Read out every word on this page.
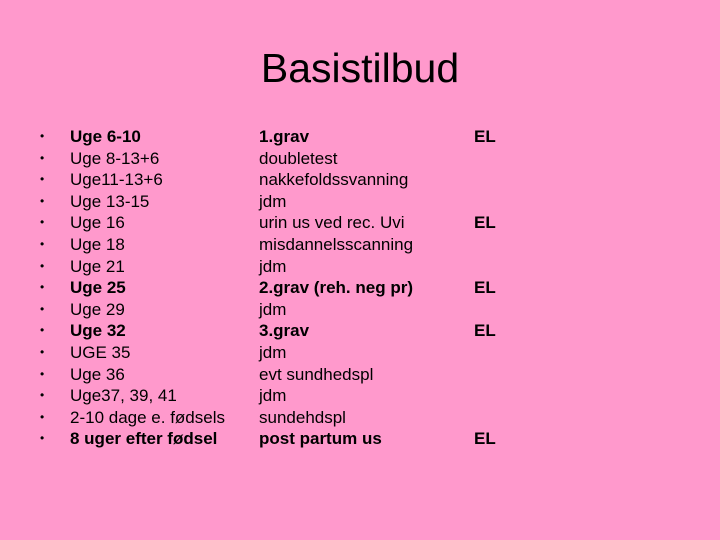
Basistilbud
•	Uge 6-10	1.grav	EL
•	Uge 8-13+6	doubletest
•	Uge11-13+6	nakkefoldssvanning
•	Uge 13-15	jdm
•	Uge 16	urin us ved rec. Uvi	EL
•	Uge 18	misdannelsscanning
•	Uge 21	jdm
•	Uge 25	2.grav (reh. neg pr)	EL
•	Uge 29	jdm
•	Uge 32	3.grav	EL
•	UGE 35	jdm
•	Uge 36	evt sundhedspl
•	Uge37, 39, 41	jdm
•	2-10 dage e. fødsels	sundehdspl
•	8 uger efter fødsel	post partum us	EL
